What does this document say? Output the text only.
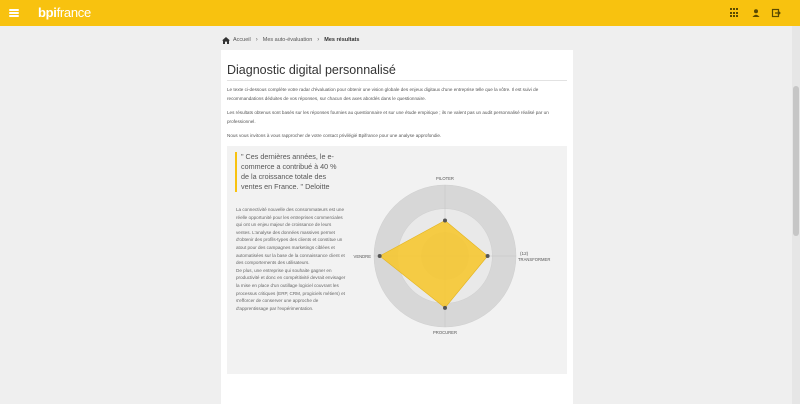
bpifrance
Accueil › Mes auto-évaluation › Mes résultats
Diagnostic digital personnalisé

Le texte ci-dessous complète votre radar d'évaluation pour obtenir une vision globale des enjeux digitaux d'une entreprise telle que la vôtre. Il est suivi de recommandations déduites de vos réponses, sur chacun des axes abordés dans le questionnaire.

Les résultats obtenus sont basés sur les réponses fournies au questionnaire et sur une étude empirique ; ils ne valent pas un audit personnalisé réalisé par un professionnel.

Nous vous invitons à vous rapprocher de votre contact privilégié Bpifrance pour une analyse approfondie.

" Ces dernières années, le e-commerce a contribué à 40 % de la croissance totale des ventes en France. " Deloitte
La connectivité nouvelle des consommateurs est une réelle opportunité pour les entreprises commerciales qui ont un enjeu majeur de croissance de leurs ventes. L'analyse des données massives permet d'obtenir des profils-types des clients et constitue un atout pour des campagnes marketings ciblées et automatisées sur la base de la connaissance client et des comportements des utilisateurs.
De plus, une entreprise qui souhaite gagner en productivité et donc en compétitivité devrait envisager la mise en place d'un outillage logiciel couvrant les processus critiques (ERP, CRM, progiciels métiers) et s'efforcer de conserver une approche de d'apprentissage par l'expérimentation.
PILOTER
(12)
TRANSFORMER
PROCURER
VENDRE
